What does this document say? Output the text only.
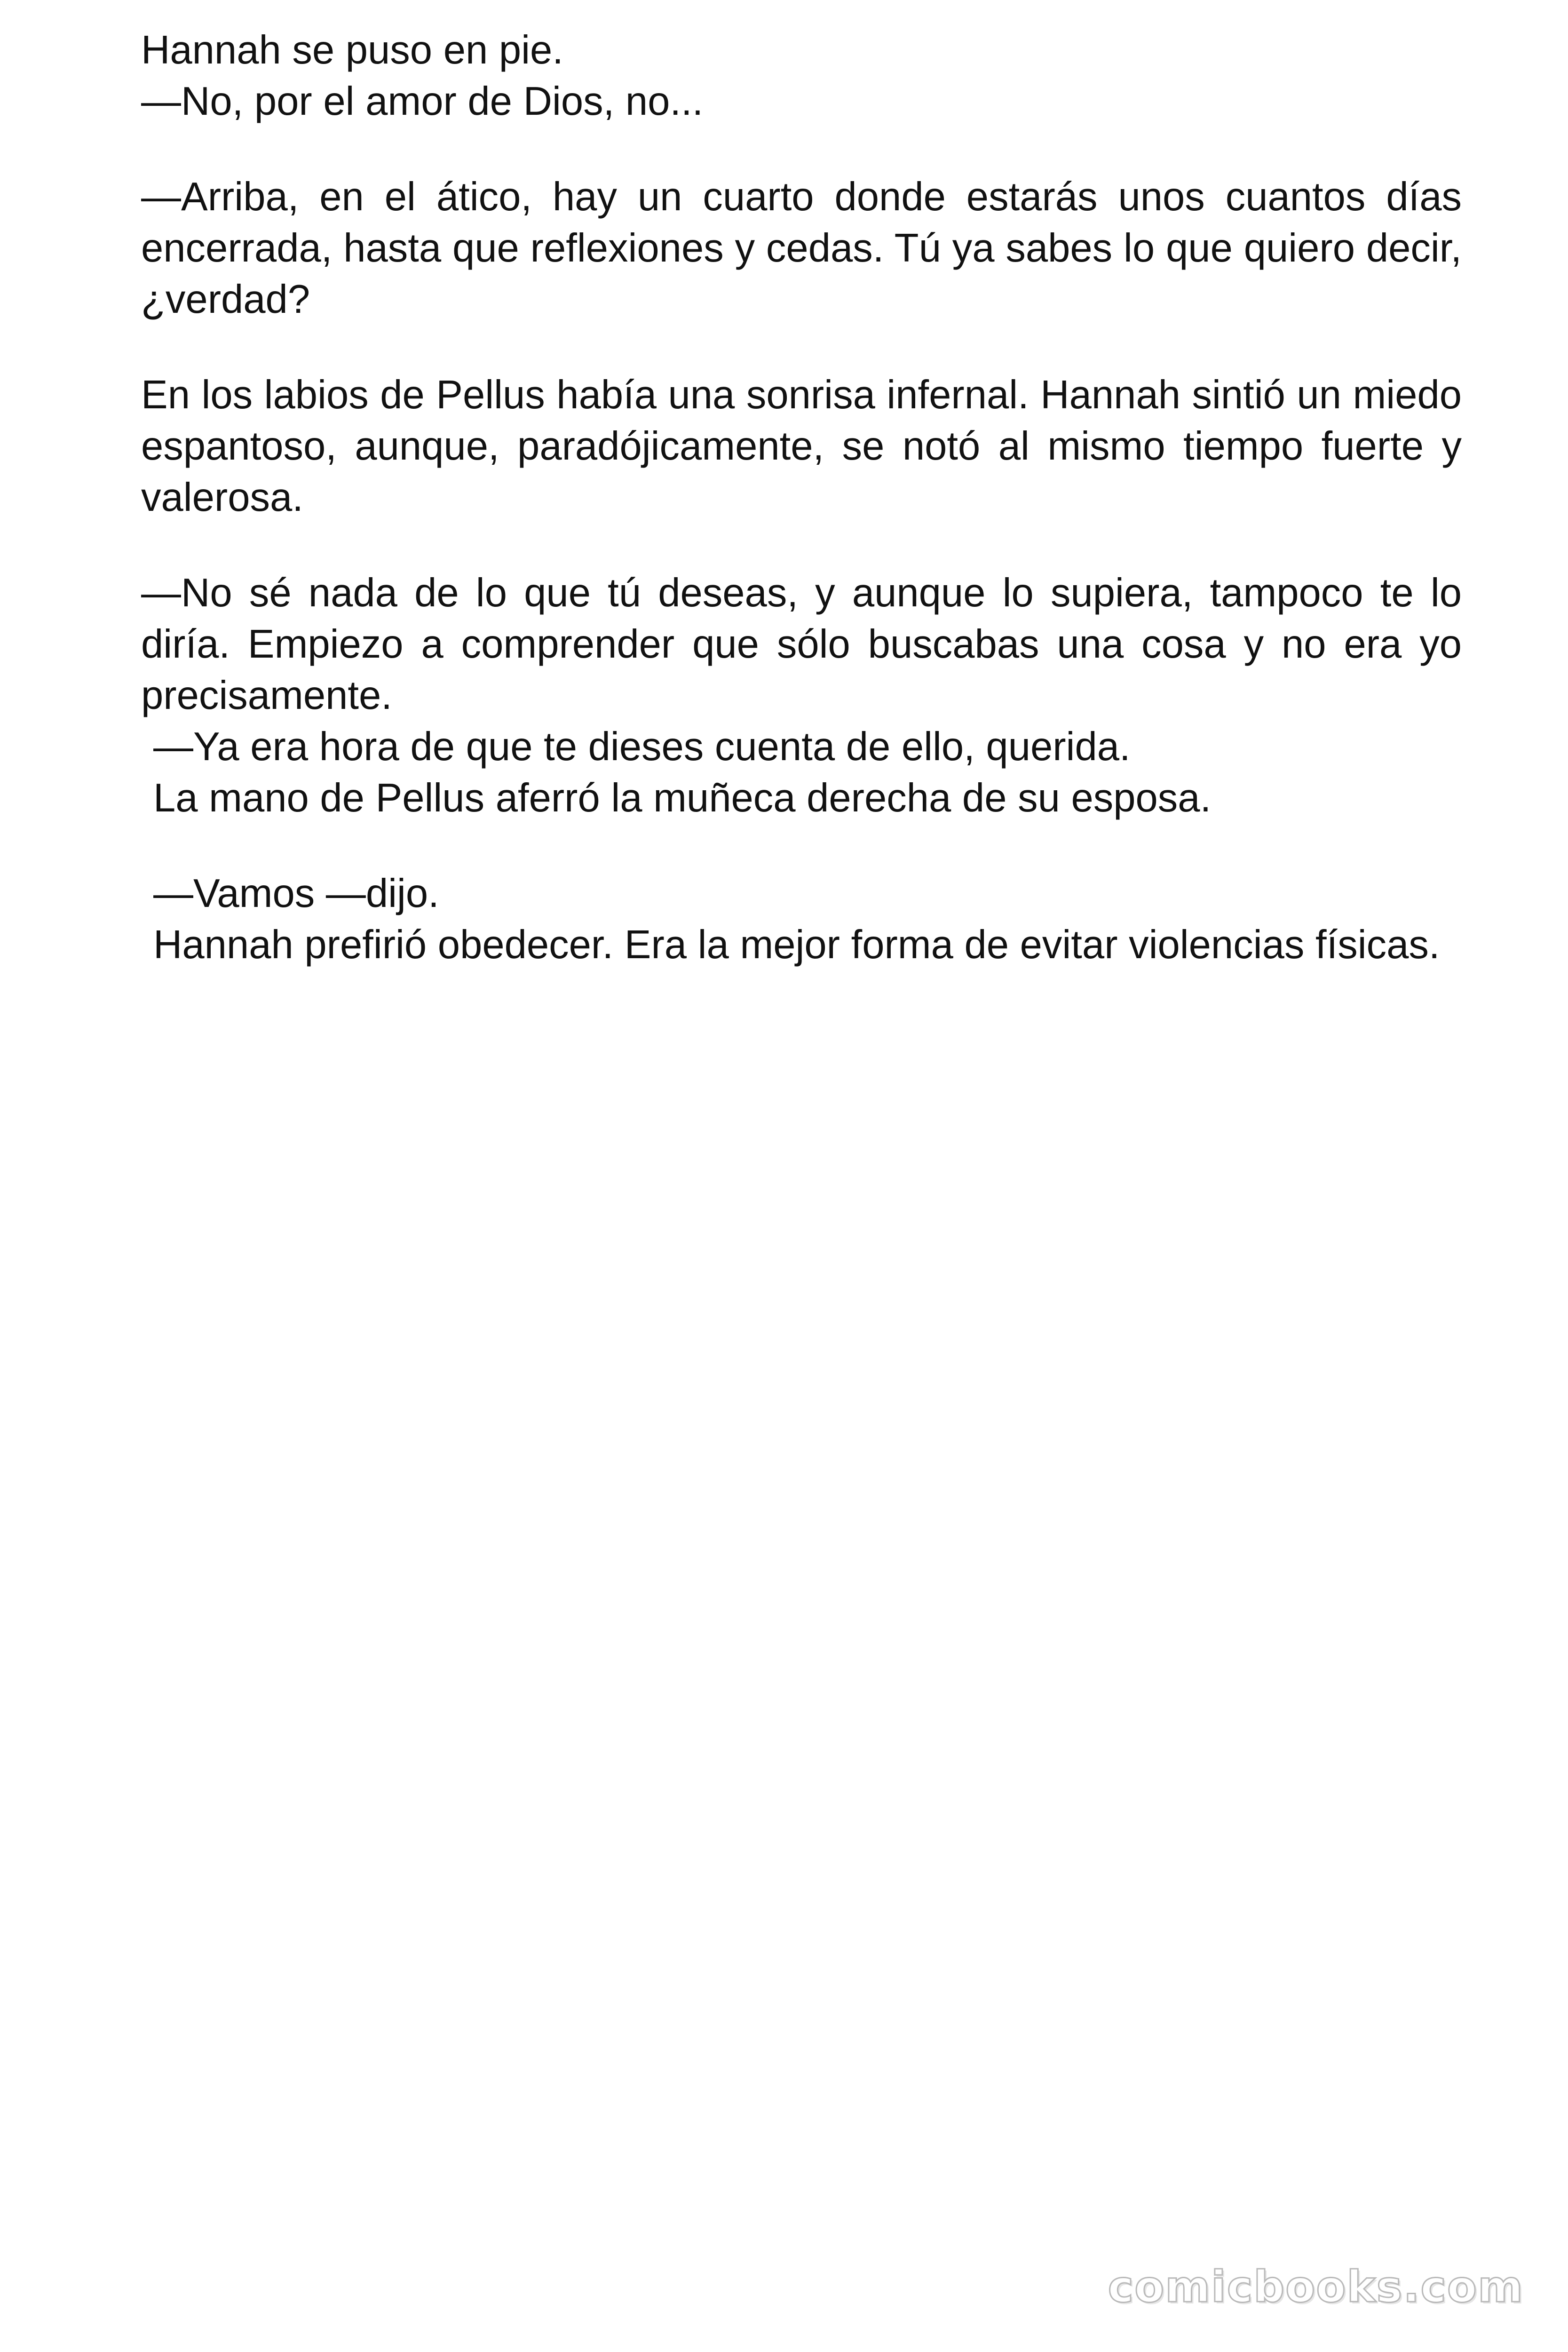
Hannah se puso en pie.

—No, por el amor de Dios, no...

—Arriba, en el ático, hay un cuarto donde estarás unos cuantos días encerrada, hasta que reflexiones y cedas. Tú ya sabes lo que quiero decir, ¿verdad?

En los labios de Pellus había una sonrisa infernal. Hannah sintió un miedo espantoso, aunque, paradójicamente, se notó al mismo tiempo fuerte y valerosa.

—No sé nada de lo que tú deseas, y aunque lo supiera, tampoco te lo diría. Empiezo a comprender que sólo buscabas una cosa y no era yo precisamente.

—Ya era hora de que te dieses cuenta de ello, querida.

La mano de Pellus aferró la muñeca derecha de su esposa.

—Vamos —dijo.

Hannah prefirió obedecer. Era la mejor forma de evitar violencias físicas.

comicbooks.com
